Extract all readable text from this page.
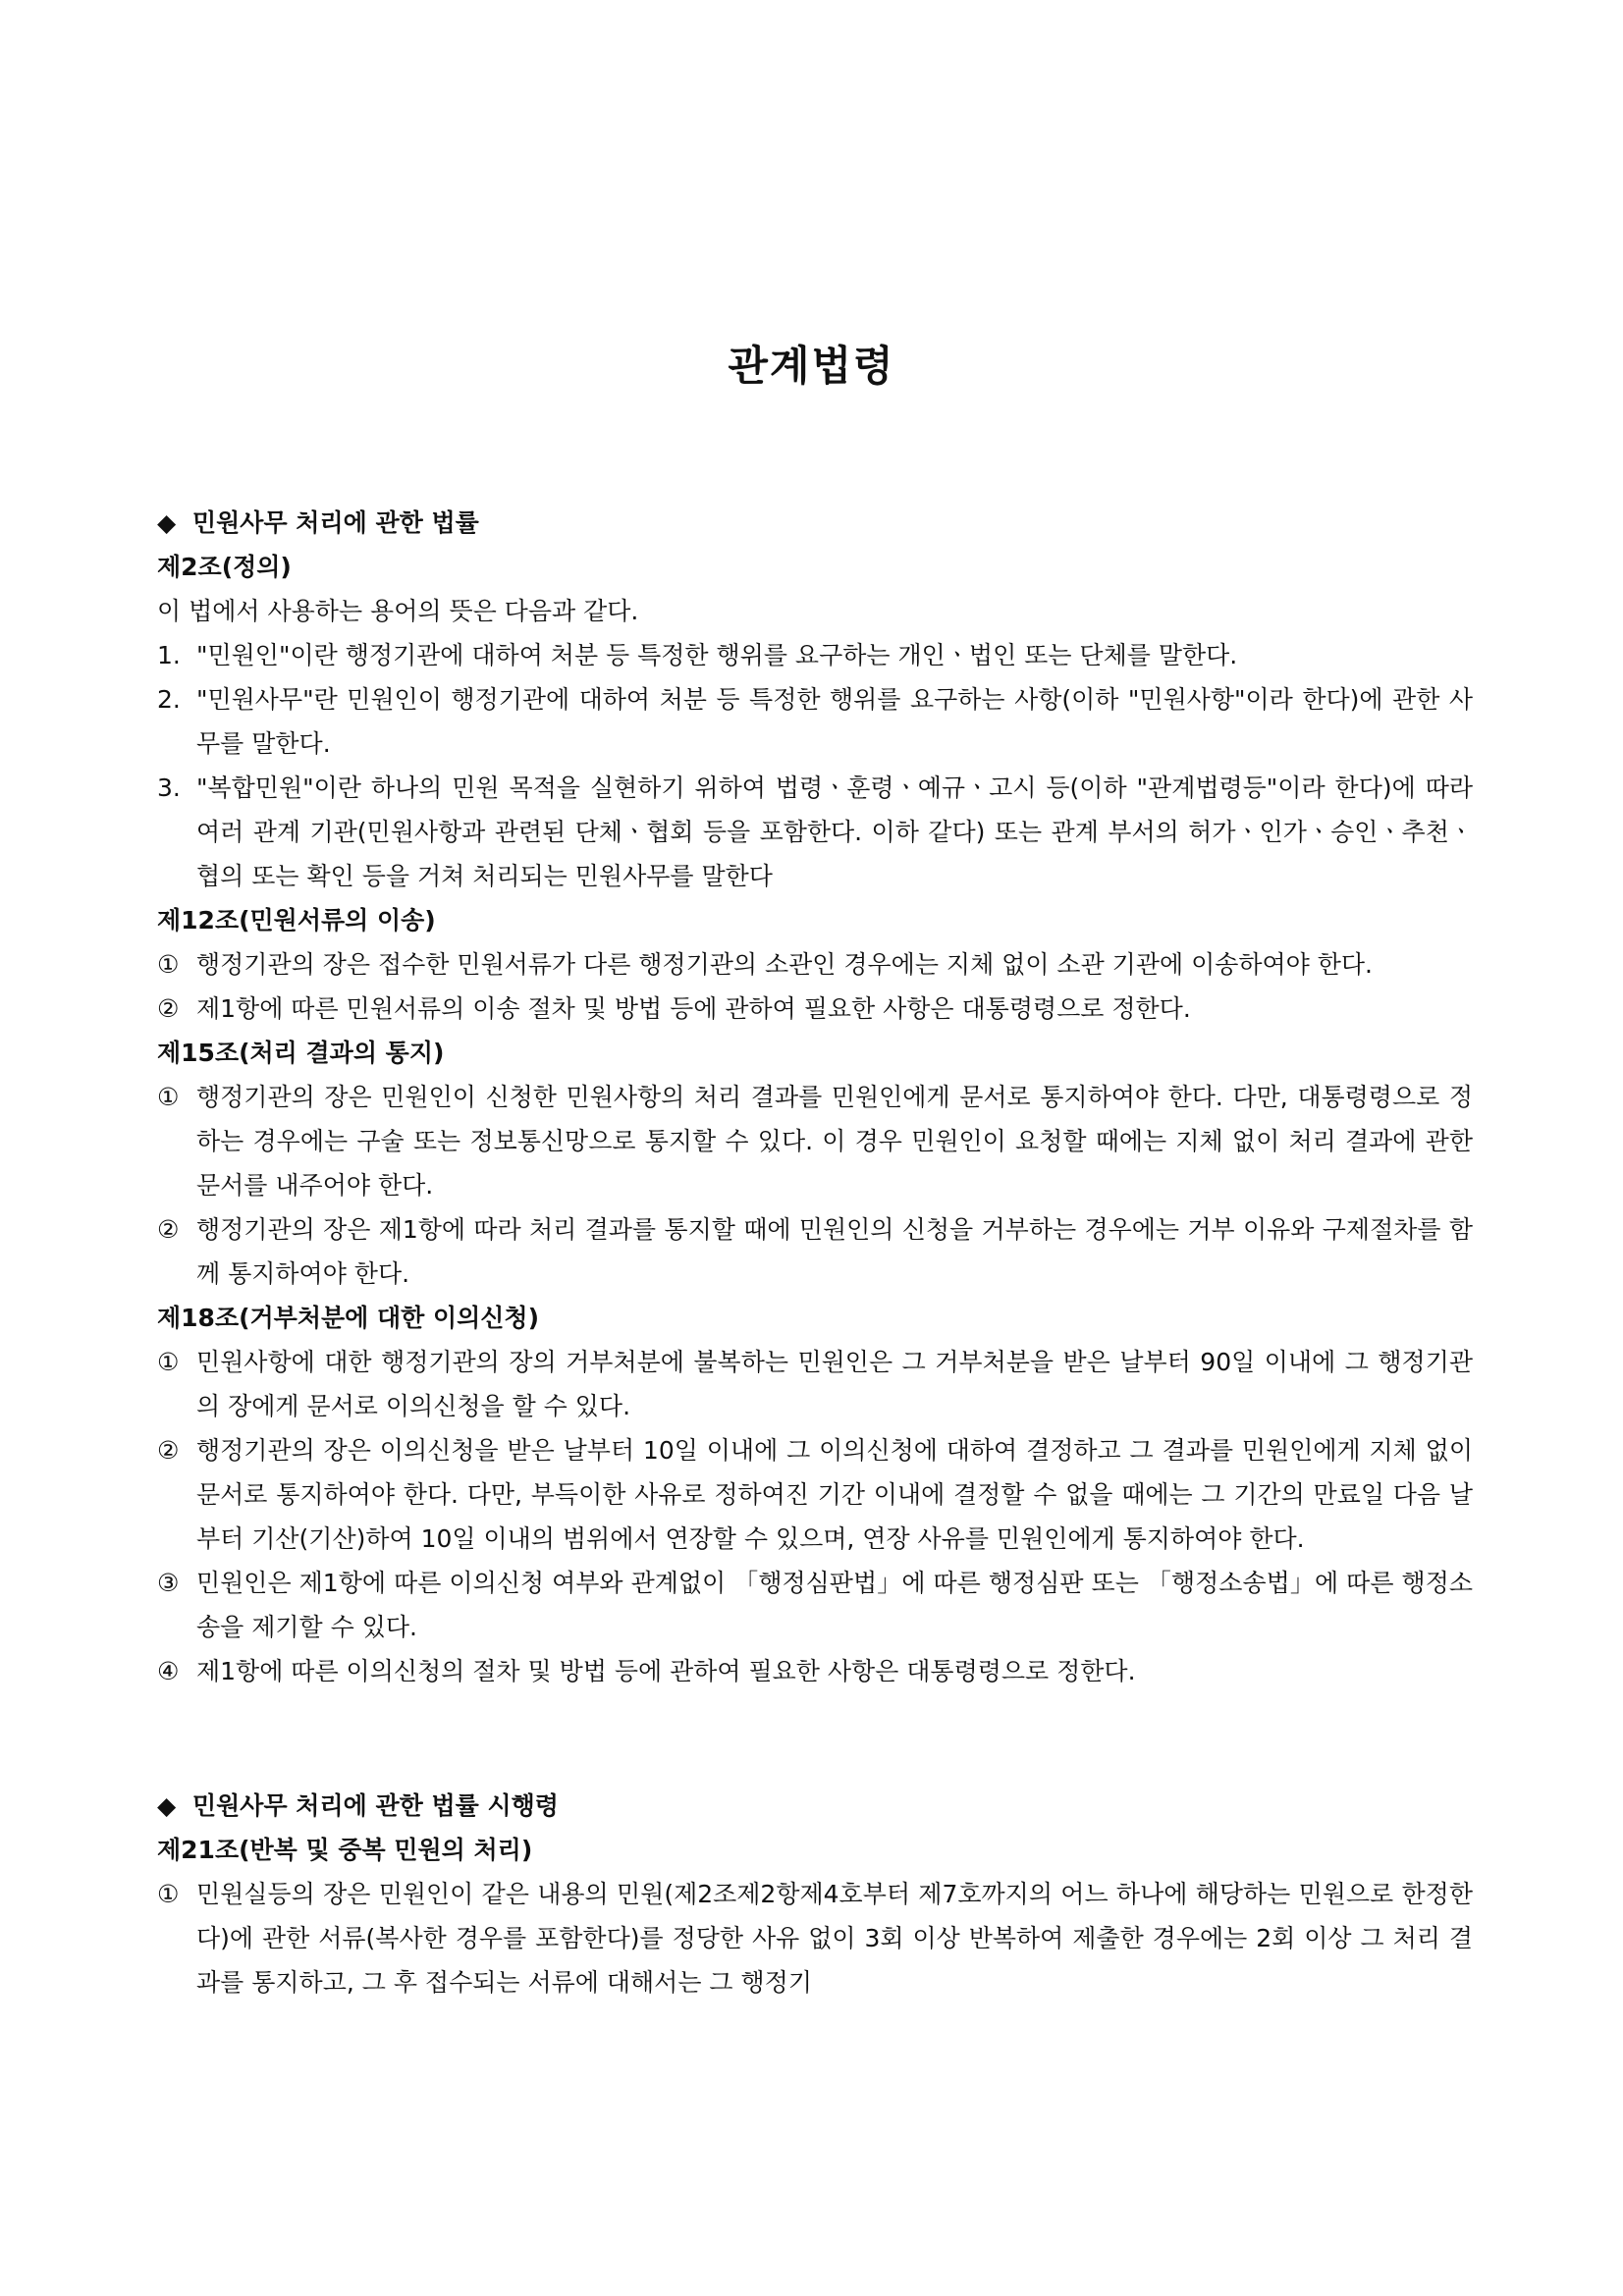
관계법령
◆ 민원사무 처리에 관한 법률
제2조(정의)
이 법에서 사용하는 용어의 뜻은 다음과 같다.
1. "민원인"이란 행정기관에 대하여 처분 등 특정한 행위를 요구하는 개인ㆍ법인 또는 단체를 말한다.
2. "민원사무"란 민원인이 행정기관에 대하여 처분 등 특정한 행위를 요구하는 사항(이하 "민원사항"이라 한다)에 관한 사무를 말한다.
3. "복합민원"이란 하나의 민원 목적을 실현하기 위하여 법령ㆍ훈령ㆍ예규ㆍ고시 등(이하 "관계법령등"이라 한다)에 따라 여러 관계 기관(민원사항과 관련된 단체ㆍ협회 등을 포함한다. 이하 같다) 또는 관계 부서의 허가ㆍ인가ㆍ승인ㆍ추천ㆍ협의 또는 확인 등을 거쳐 처리되는 민원사무를 말한다
제12조(민원서류의 이송)
① 행정기관의 장은 접수한 민원서류가 다른 행정기관의 소관인 경우에는 지체 없이 소관 기관에 이송하여야 한다.
② 제1항에 따른 민원서류의 이송 절차 및 방법 등에 관하여 필요한 사항은 대통령령으로 정한다.
제15조(처리 결과의 통지)
① 행정기관의 장은 민원인이 신청한 민원사항의 처리 결과를 민원인에게 문서로 통지하여야 한다. 다만, 대통령령으로 정하는 경우에는 구술 또는 정보통신망으로 통지할 수 있다. 이 경우 민원인이 요청할 때에는 지체 없이 처리 결과에 관한 문서를 내주어야 한다.
② 행정기관의 장은 제1항에 따라 처리 결과를 통지할 때에 민원인의 신청을 거부하는 경우에는 거부 이유와 구제절차를 함께 통지하여야 한다.
제18조(거부처분에 대한 이의신청)
① 민원사항에 대한 행정기관의 장의 거부처분에 불복하는 민원인은 그 거부처분을 받은 날부터 90일 이내에 그 행정기관의 장에게 문서로 이의신청을 할 수 있다.
② 행정기관의 장은 이의신청을 받은 날부터 10일 이내에 그 이의신청에 대하여 결정하고 그 결과를 민원인에게 지체 없이 문서로 통지하여야 한다. 다만, 부득이한 사유로 정하여진 기간 이내에 결정할 수 없을 때에는 그 기간의 만료일 다음 날부터 기산(기산)하여 10일 이내의 범위에서 연장할 수 있으며, 연장 사유를 민원인에게 통지하여야 한다.
③ 민원인은 제1항에 따른 이의신청 여부와 관계없이 「행정심판법」에 따른 행정심판 또는 「행정소송법」에 따른 행정소송을 제기할 수 있다.
④ 제1항에 따른 이의신청의 절차 및 방법 등에 관하여 필요한 사항은 대통령령으로 정한다.
◆ 민원사무 처리에 관한 법률 시행령
제21조(반복 및 중복 민원의 처리)
① 민원실등의 장은 민원인이 같은 내용의 민원(제2조제2항제4호부터 제7호까지의 어느 하나에 해당하는 민원으로 한정한다)에 관한 서류(복사한 경우를 포함한다)를 정당한 사유 없이 3회 이상 반복하여 제출한 경우에는 2회 이상 그 처리 결과를 통지하고, 그 후 접수되는 서류에 대해서는 그 행정기
